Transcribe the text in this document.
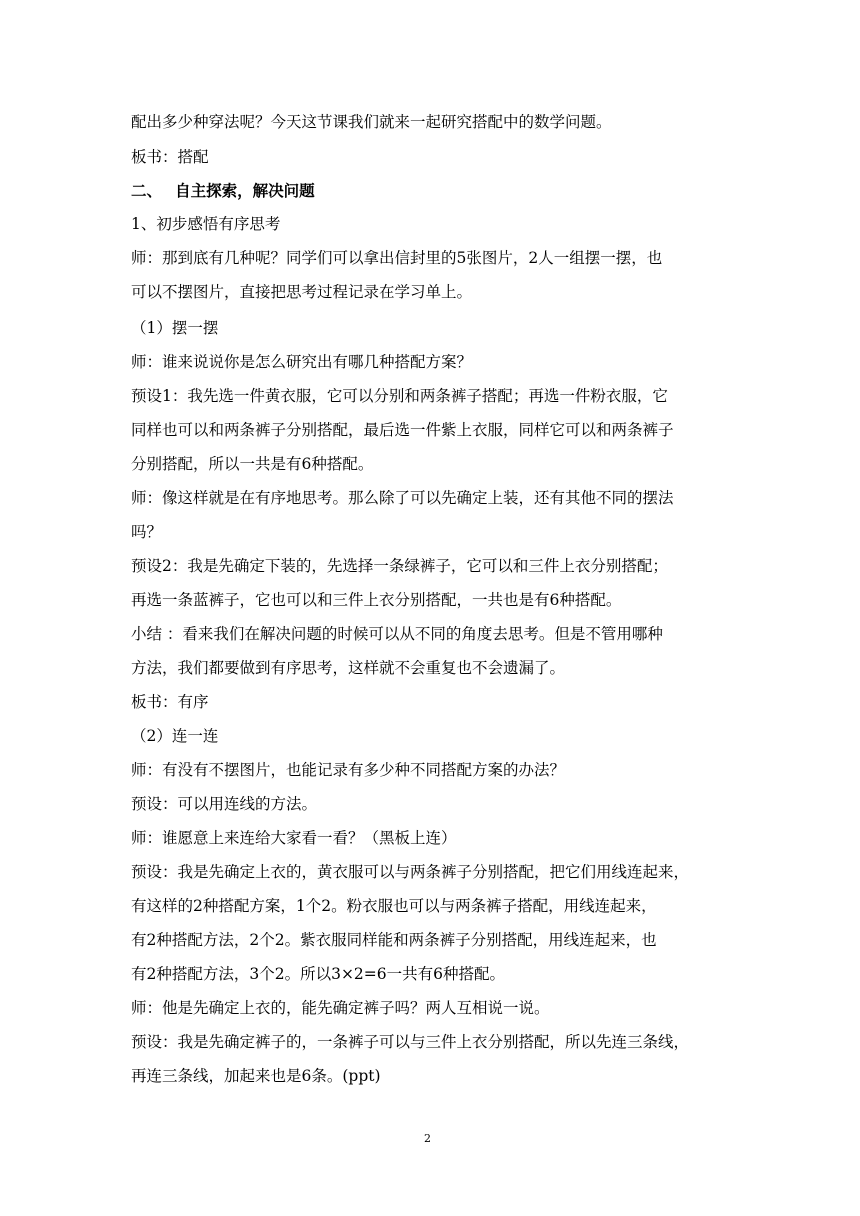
配出多少种穿法呢？今天这节课我们就来一起研究搭配中的数学问题。
板书：搭配
二、　 自主探索，解决问题
1、初步感悟有序思考
师：那到底有几种呢？同学们可以拿出信封里的5张图片，2人一组摆一摆，也
可以不摆图片，直接把思考过程记录在学习单上。
（1）摆一摆
师：谁来说说你是怎么研究出有哪几种搭配方案？
预设1：我先选一件黄衣服，它可以分别和两条裤子搭配；再选一件粉衣服，它
同样也可以和两条裤子分别搭配，最后选一件紫上衣服，同样它可以和两条裤子
分别搭配，所以一共是有6种搭配。
师：像这样就是在有序地思考。那么除了可以先确定上装，还有其他不同的摆法
吗？
预设2：我是先确定下装的，先选择一条绿裤子，它可以和三件上衣分别搭配；
再选一条蓝裤子，它也可以和三件上衣分别搭配，一共也是有6种搭配。
小结 ：看来我们在解决问题的时候可以从不同的角度去思考。但是不管用哪种
方法，我们都要做到有序思考，这样就不会重复也不会遗漏了。
板书：有序
（2）连一连
师：有没有不摆图片，也能记录有多少种不同搭配方案的办法？
预设：可以用连线的方法。
师：谁愿意上来连给大家看一看？（黑板上连）
预设：我是先确定上衣的，黄衣服可以与两条裤子分别搭配，把它们用线连起来，
有这样的2种搭配方案，1个2。粉衣服也可以与两条裤子搭配，用线连起来，
有2种搭配方法，2个2。紫衣服同样能和两条裤子分别搭配，用线连起来，也
有2种搭配方法，3个2。所以3×2=6一共有6种搭配。
师：他是先确定上衣的，能先确定裤子吗？两人互相说一说。
预设：我是先确定裤子的，一条裤子可以与三件上衣分别搭配，所以先连三条线，
再连三条线，加起来也是6条。(ppt)
2
